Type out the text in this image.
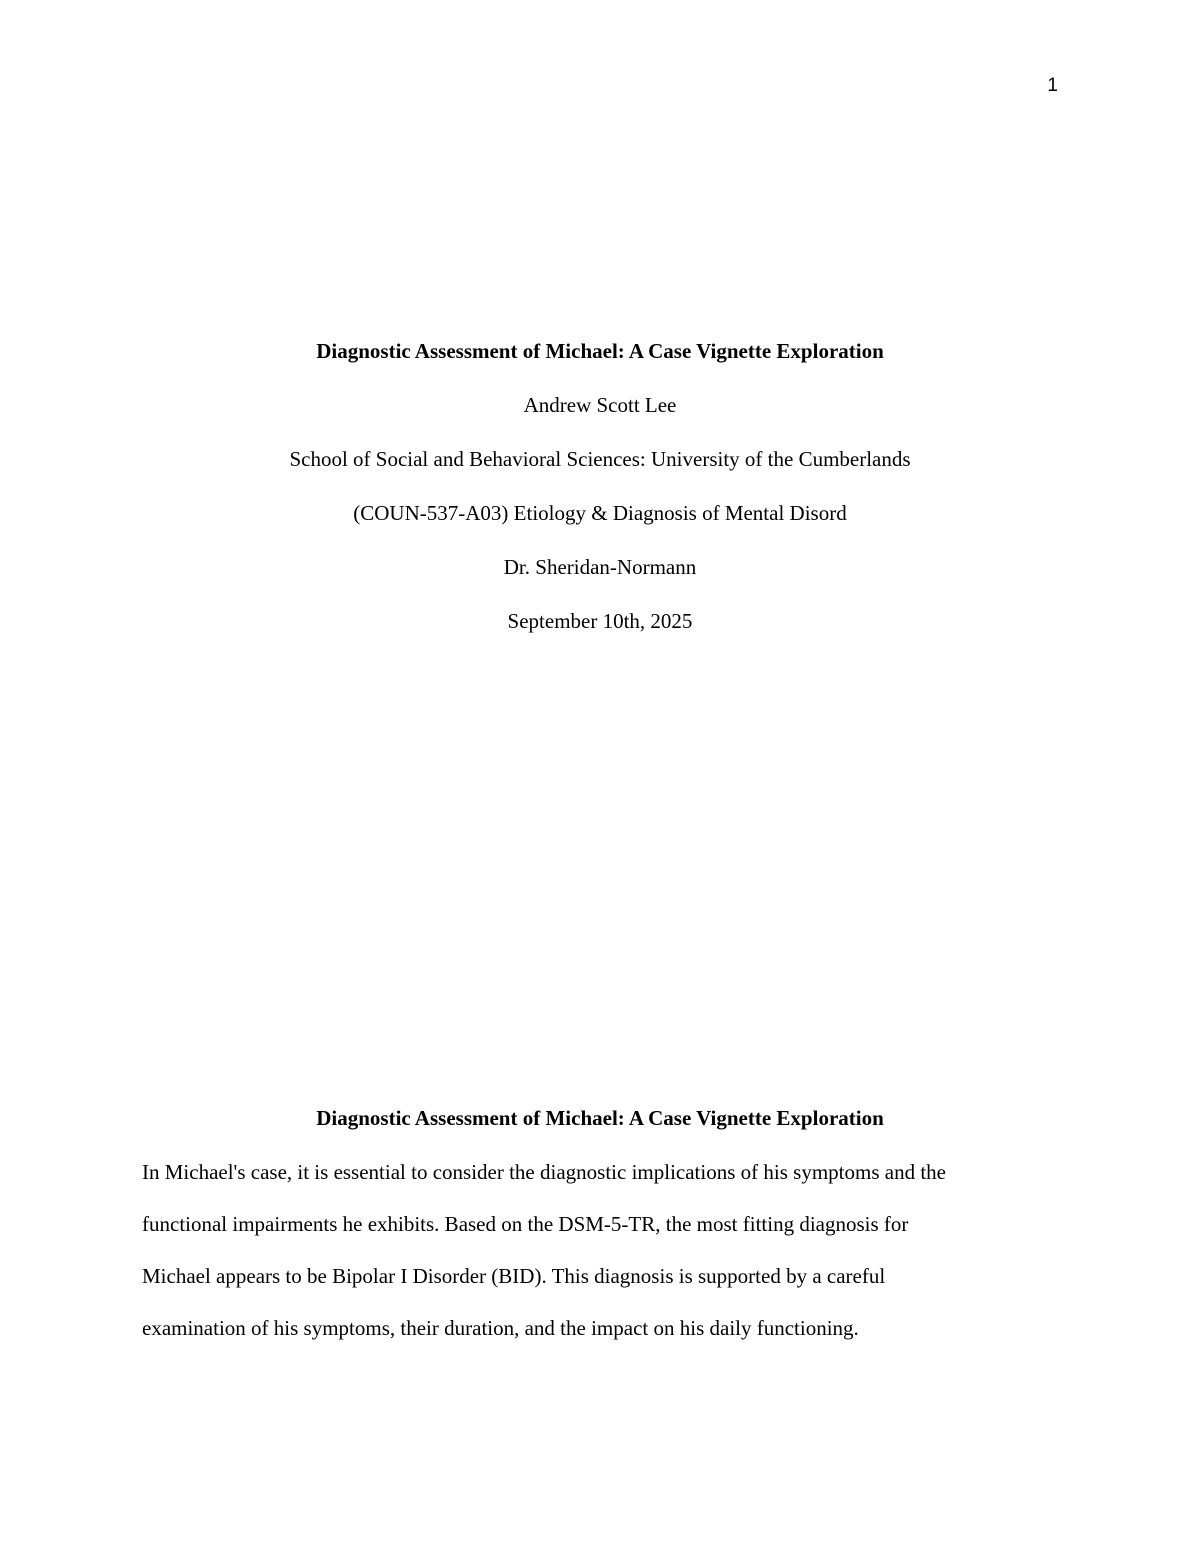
1
Diagnostic Assessment of Michael: A Case Vignette Exploration
Andrew Scott Lee
School of Social and Behavioral Sciences: University of the Cumberlands
(COUN-537-A03) Etiology & Diagnosis of Mental Disord
Dr. Sheridan-Normann
September 10th, 2025
Diagnostic Assessment of Michael: A Case Vignette Exploration
In Michael's case, it is essential to consider the diagnostic implications of his symptoms and the
functional impairments he exhibits. Based on the DSM-5-TR, the most fitting diagnosis for
Michael appears to be Bipolar I Disorder (BID). This diagnosis is supported by a careful
examination of his symptoms, their duration, and the impact on his daily functioning.
